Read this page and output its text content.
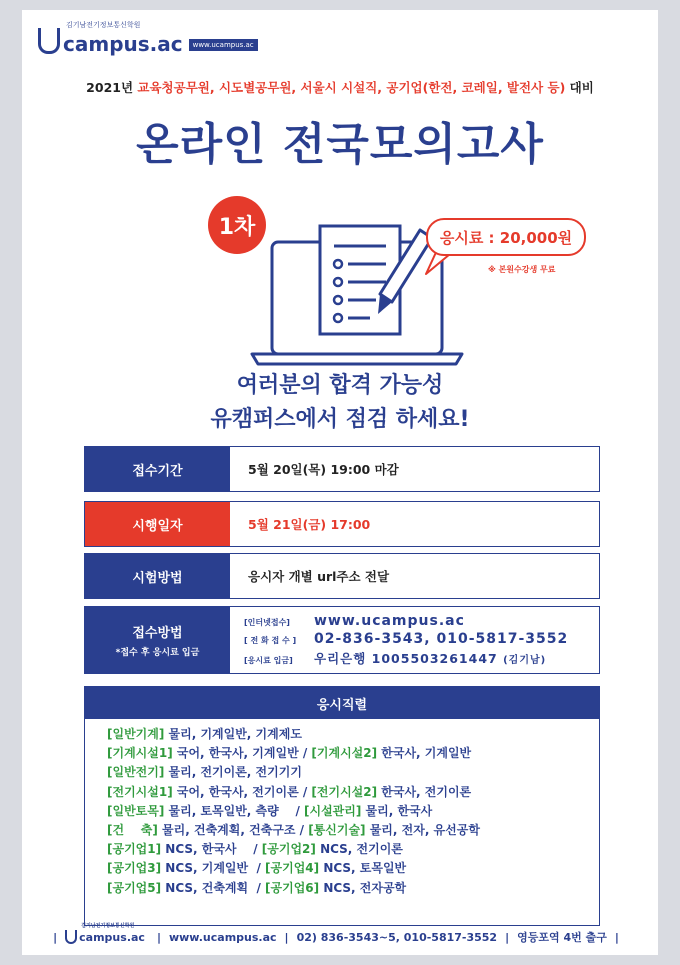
김기남전기정보통신학원
campus.ac	www.ucampus.ac
2021년 교육청공무원, 시도별공무원, 서울시 시설직, 공기업(한전, 코레일, 발전사 등) 대비
온라인 전국모의고사
1차	응시료 : 20,000원
※ 본원수강생 무료
여러분의 합격 가능성
유캠퍼스에서 점검 하세요!
접수기간	5월 20일(목) 19:00 마감
시행일자	5월 21일(금) 17:00
시험방법	응시자 개별 url주소 전달
접수방법
*접수 후 응시료 입금
[인터넷접수]	www.ucampus.ac
[ 전 화 접 수 ]	02-836-3543, 010-5817-3552
[응시료 입금]	우리은행 1005503261447 (김기남)
응시직렬
[일반기계] 물리, 기계일반, 기계제도
[기계시설1] 국어, 한국사, 기계일반 / [기계시설2] 한국사, 기계일반
[일반전기] 물리, 전기이론, 전기기기
[전기시설1] 국어, 한국사, 전기이론 / [전기시설2] 한국사, 전기이론
[일반토목] 물리, 토목일반, 측량    / [시설관리] 물리, 한국사
[건    축] 물리, 건축계획, 건축구조 / [통신기술] 물리, 전자, 유선공학
[공기업1] NCS, 한국사    / [공기업2] NCS, 전기이론
[공기업3] NCS, 기계일반  / [공기업4] NCS, 토목일반
[공기업5] NCS, 건축계획  / [공기업6] NCS, 전자공학
|
김기남전기정보통신학원
campus.ac | www.ucampus.ac | 02) 836-3543~5, 010-5817-3552 | 영등포역 4번 출구 |
